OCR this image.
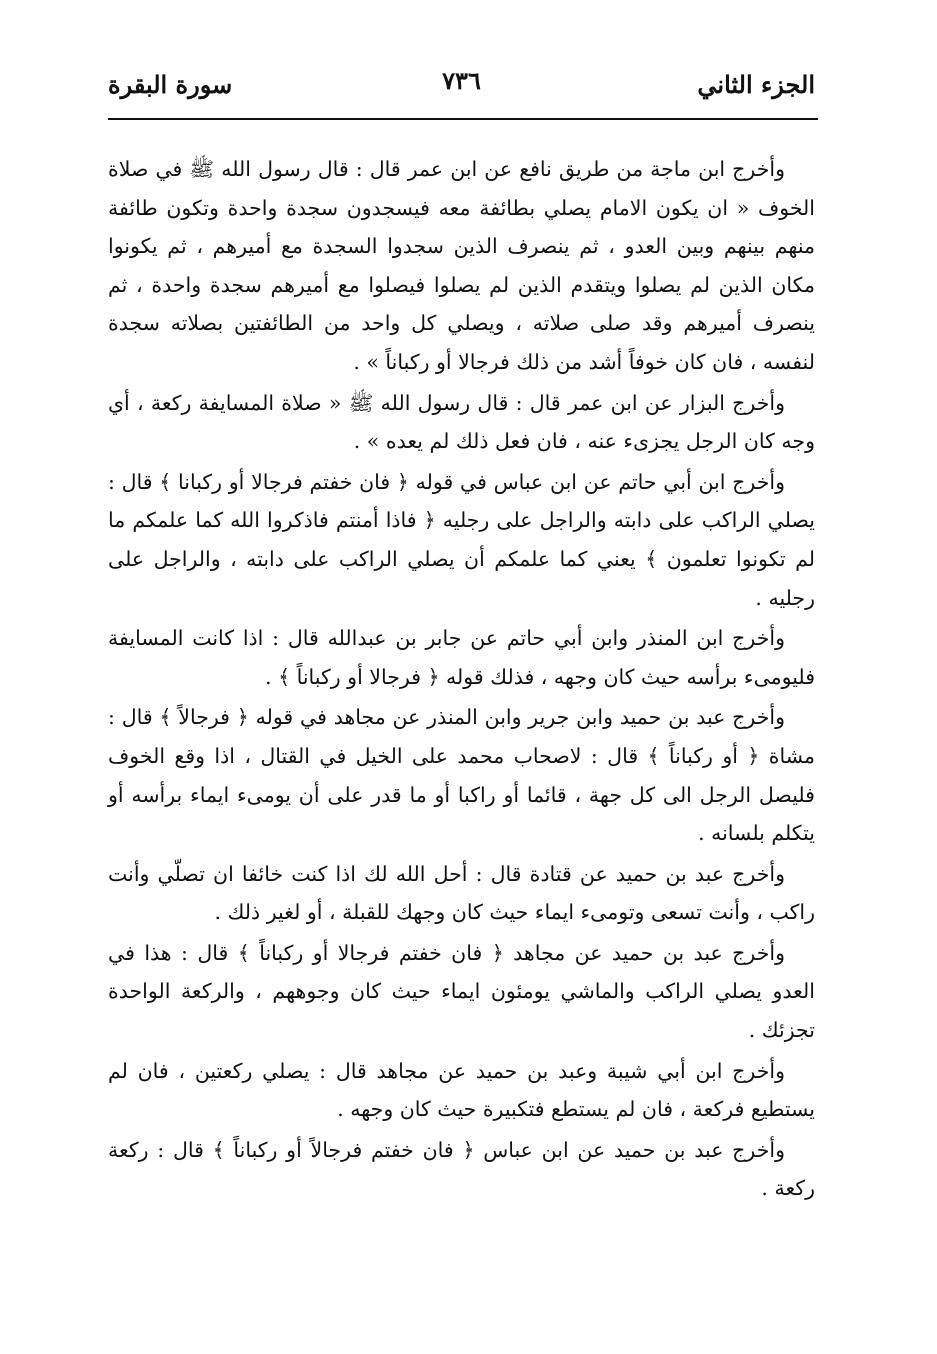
الجزء الثاني
٧٣٦
سورة البقرة

وأخرج ابن ماجة من طريق نافع عن ابن عمر قال : قال رسول الله ﷺ في صلاة الخوف « ان يكون الامام يصلي بطائفة معه فيسجدون سجدة واحدة وتكون طائفة منهم بينهم وبين العدو ، ثم ينصرف الذين سجدوا السجدة مع أميرهم ، ثم يكونوا مكان الذين لم يصلوا ويتقدم الذين لم يصلوا فيصلوا مع أميرهم سجدة واحدة ، ثم ينصرف أميرهم وقد صلى صلاته ، ويصلي كل واحد من الطائفتين بصلاته سجدة لنفسه ، فان كان خوفاً أشد من ذلك فرجالا أو ركباناً » .

وأخرج البزار عن ابن عمر قال : قال رسول الله ﷺ « صلاة المسايفة ركعة ، أي وجه كان الرجل يجزىء عنه ، فان فعل ذلك لم يعده » .

وأخرج ابن أبي حاتم عن ابن عباس في قوله ﴿ فان خفتم فرجالا أو ركبانا ﴾ قال : يصلي الراكب على دابته والراجل على رجليه ﴿ فاذا أمنتم فاذكروا الله كما علمكم ما لم تكونوا تعلمون ﴾ يعني كما علمكم أن يصلي الراكب على دابته ، والراجل على رجليه .

وأخرج ابن المنذر وابن أبي حاتم عن جابر بن عبدالله قال : اذا كانت المسايفة فليومىء برأسه حيث كان وجهه ، فذلك قوله ﴿ فرجالا أو ركباناً ﴾ .

وأخرج عبد بن حميد وابن جرير وابن المنذر عن مجاهد في قوله ﴿ فرجالاً ﴾ قال : مشاة ﴿ أو ركباناً ﴾ قال : لاصحاب محمد على الخيل في القتال ، اذا وقع الخوف فليصل الرجل الى كل جهة ، قائما أو راكبا أو ما قدر على أن يومىء ايماء برأسه أو يتكلم بلسانه .

وأخرج عبد بن حميد عن قتادة قال : أحل الله لك اذا كنت خائفا ان تصلّي وأنت راكب ، وأنت تسعى وتومىء ايماء حيث كان وجهك للقبلة ، أو لغير ذلك .

وأخرج عبد بن حميد عن مجاهد ﴿ فان خفتم فرجالا أو ركباناً ﴾ قال : هذا في العدو يصلي الراكب والماشي يومئون ايماء حيث كان وجوههم ، والركعة الواحدة تجزئك .

وأخرج ابن أبي شيبة وعبد بن حميد عن مجاهد قال : يصلي ركعتين ، فان لم يستطيع فركعة ، فان لم يستطع فتكبيرة حيث كان وجهه .

وأخرج عبد بن حميد عن ابن عباس ﴿ فان خفتم فرجالاً أو ركباناً ﴾ قال : ركعة ركعة .
